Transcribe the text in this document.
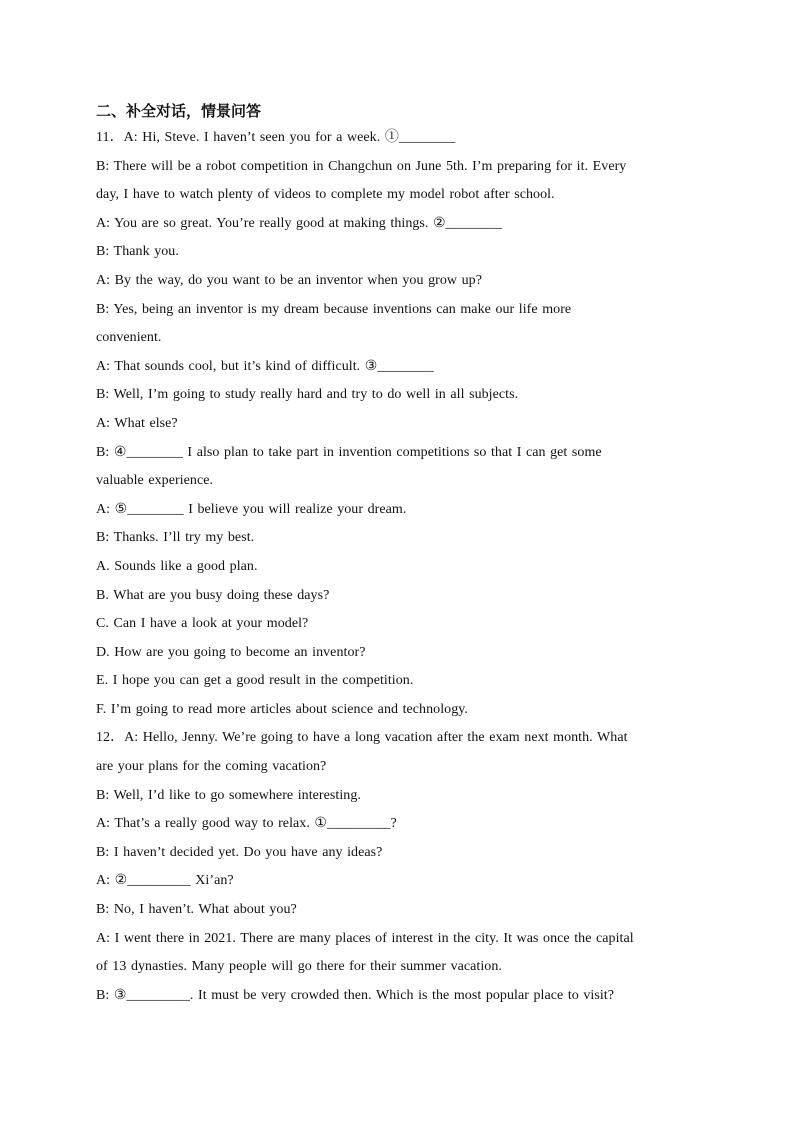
二、补全对话，情景问答
11．A: Hi, Steve. I haven’t seen you for a week. ①________
B: There will be a robot competition in Changchun on June 5th. I’m preparing for it. Every
day, I have to watch plenty of videos to complete my model robot after school.
A: You are so great. You’re really good at making things. ②________
B: Thank you.
A: By the way, do you want to be an inventor when you grow up?
B: Yes, being an inventor is my dream because inventions can make our life more
convenient.
A: That sounds cool, but it’s kind of difficult. ③________
B: Well, I’m going to study really hard and try to do well in all subjects.
A: What else?
B: ④________ I also plan to take part in invention competitions so that I can get some
valuable experience.
A: ⑤________ I believe you will realize your dream.
B: Thanks. I’ll try my best.
A. Sounds like a good plan.
B. What are you busy doing these days?
C. Can I have a look at your model?
D. How are you going to become an inventor?
E. I hope you can get a good result in the competition.
F. I’m going to read more articles about science and technology.
12．A: Hello, Jenny. We’re going to have a long vacation after the exam next month. What
are your plans for the coming vacation?
B: Well, I’d like to go somewhere interesting.
A: That’s a really good way to relax. ①_________?
B: I haven’t decided yet. Do you have any ideas?
A: ②_________ Xi’an?
B: No, I haven’t. What about you?
A: I went there in 2021. There are many places of interest in the city. It was once the capital
of 13 dynasties. Many people will go there for their summer vacation.
B: ③_________. It must be very crowded then. Which is the most popular place to visit?
